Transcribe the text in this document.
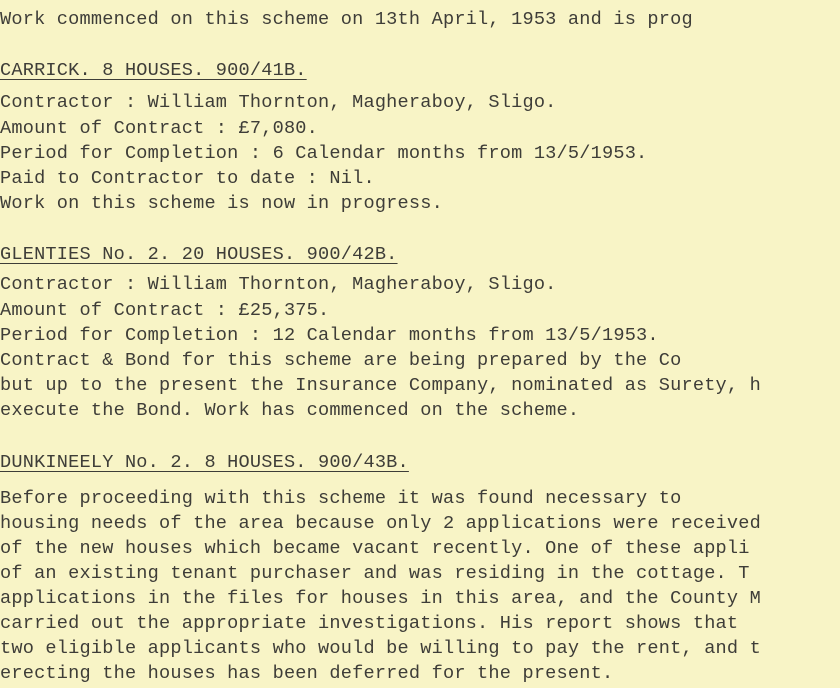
Work commenced on this scheme on 13th April, 1953 and is prog
CARRICK. 8 HOUSES. 900/41B.
Contractor : William Thornton, Magheraboy, Sligo.
Amount of Contract : £7,080.
Period for Completion : 6 Calendar months from 13/5/1953.
Paid to Contractor to date : Nil.
Work on this scheme is now in progress.
GLENTIES No. 2. 20 HOUSES. 900/42B.
Contractor : William Thornton, Magheraboy, Sligo.
Amount of Contract : £25,375.
Period for Completion : 12 Calendar months from 13/5/1953.
Contract & Bond for this scheme are being prepared by the Co
but up to the present the Insurance Company, nominated as Surety, h
execute the Bond. Work has commenced on the scheme.
DUNKINEELY No. 2. 8 HOUSES. 900/43B.
Before proceeding with this scheme it was found necessary to
housing needs of the area because only 2 applications were received
of the new houses which became vacant recently. One of these appli
of an existing tenant purchaser and was residing in the cottage. T
applications in the files for houses in this area, and the County M
carried out the appropriate investigations. His report shows that
two eligible applicants who would be willing to pay the rent, and t
erecting the houses has been deferred for the present.
